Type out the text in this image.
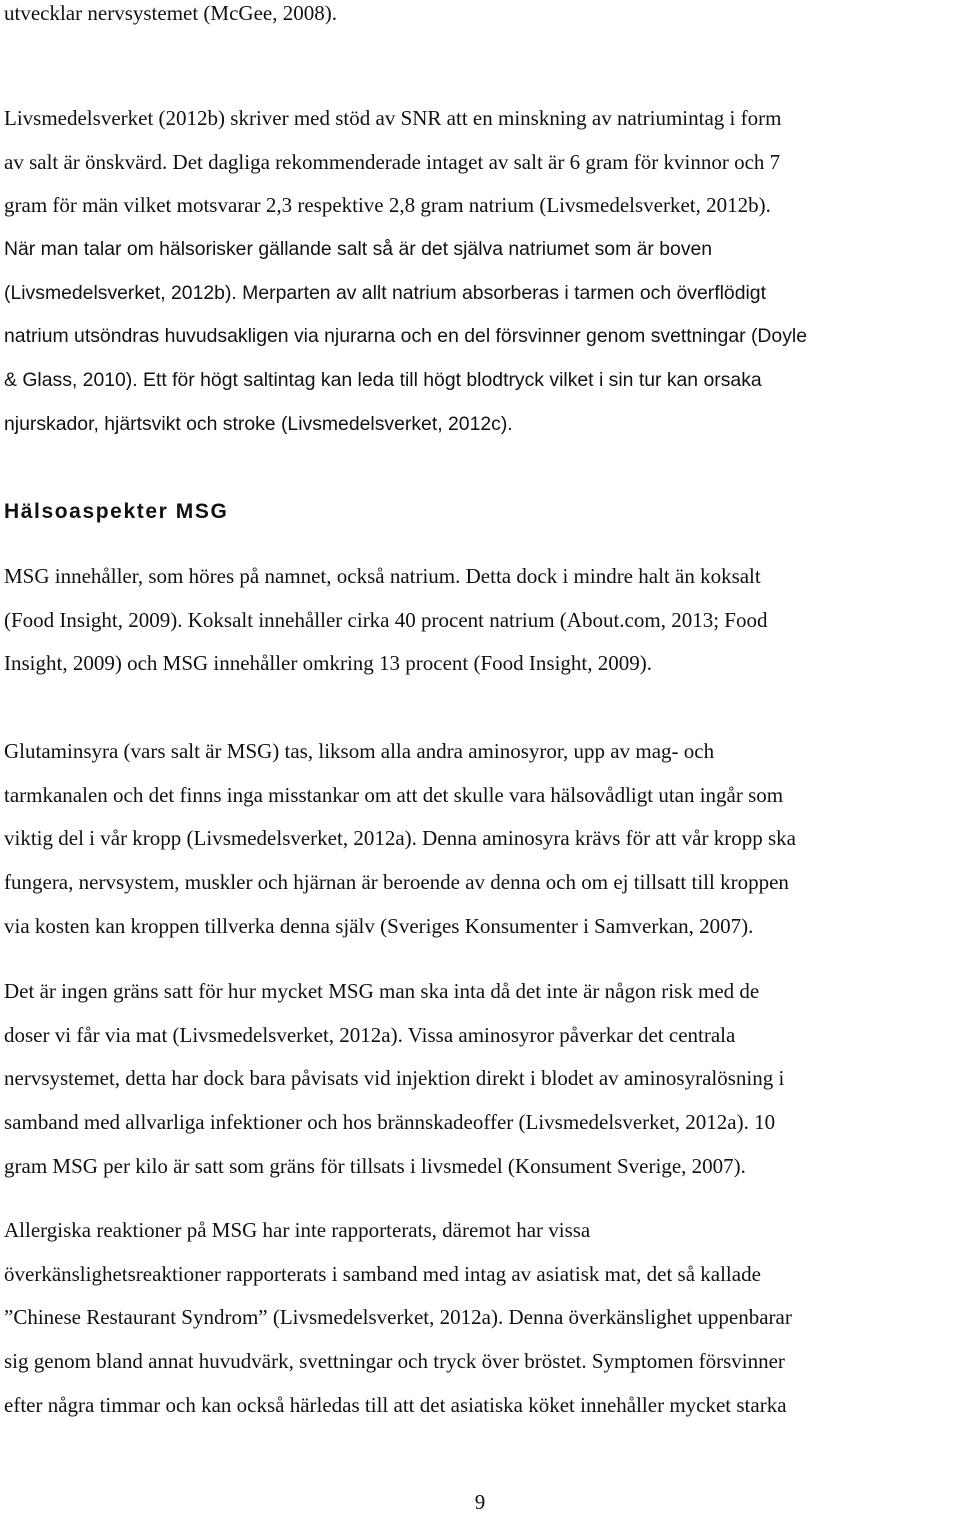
utvecklar nervsystemet (McGee, 2008).
Livsmedelsverket (2012b) skriver med stöd av SNR att en minskning av natriumintag i form
av salt är önskvärd. Det dagliga rekommenderade intaget av salt är 6 gram för kvinnor och 7
gram för män vilket motsvarar 2,3 respektive 2,8 gram natrium (Livsmedelsverket, 2012b).
När man talar om hälsorisker gällande salt så är det själva natriumet som är boven
(Livsmedelsverket, 2012b). Merparten av allt natrium absorberas i tarmen och överflödigt
natrium utsöndras huvudsakligen via njurarna och en del försvinner genom svettningar (Doyle
& Glass, 2010). Ett för högt saltintag kan leda till högt blodtryck vilket i sin tur kan orsaka
njurskador, hjärtsvikt och stroke (Livsmedelsverket, 2012c).
Hälsoaspekter MSG
MSG innehåller, som höres på namnet, också natrium. Detta dock i mindre halt än koksalt
(Food Insight, 2009). Koksalt innehåller cirka 40 procent natrium (About.com, 2013; Food
Insight, 2009) och MSG innehåller omkring 13 procent (Food Insight, 2009).
Glutaminsyra (vars salt är MSG) tas, liksom alla andra aminosyror, upp av mag- och
tarmkanalen och det finns inga misstankar om att det skulle vara hälsovådligt utan ingår som
viktig del i vår kropp (Livsmedelsverket, 2012a). Denna aminosyra krävs för att vår kropp ska
fungera, nervsystem, muskler och hjärnan är beroende av denna och om ej tillsatt till kroppen
via kosten kan kroppen tillverka denna själv (Sveriges Konsumenter i Samverkan, 2007).
Det är ingen gräns satt för hur mycket MSG man ska inta då det inte är någon risk med de
doser vi får via mat (Livsmedelsverket, 2012a). Vissa aminosyror påverkar det centrala
nervsystemet, detta har dock bara påvisats vid injektion direkt i blodet av aminosyralösning i
samband med allvarliga infektioner och hos brännskadeoffer (Livsmedelsverket, 2012a). 10
gram MSG per kilo är satt som gräns för tillsats i livsmedel (Konsument Sverige, 2007).
Allergiska reaktioner på MSG har inte rapporterats, däremot har vissa
överkänslighetsreaktioner rapporterats i samband med intag av asiatisk mat, det så kallade
”Chinese Restaurant Syndrom” (Livsmedelsverket, 2012a). Denna överkänslighet uppenbarar
sig genom bland annat huvudvärk, svettningar och tryck över bröstet. Symptomen försvinner
efter några timmar och kan också härledas till att det asiatiska köket innehåller mycket starka
9
